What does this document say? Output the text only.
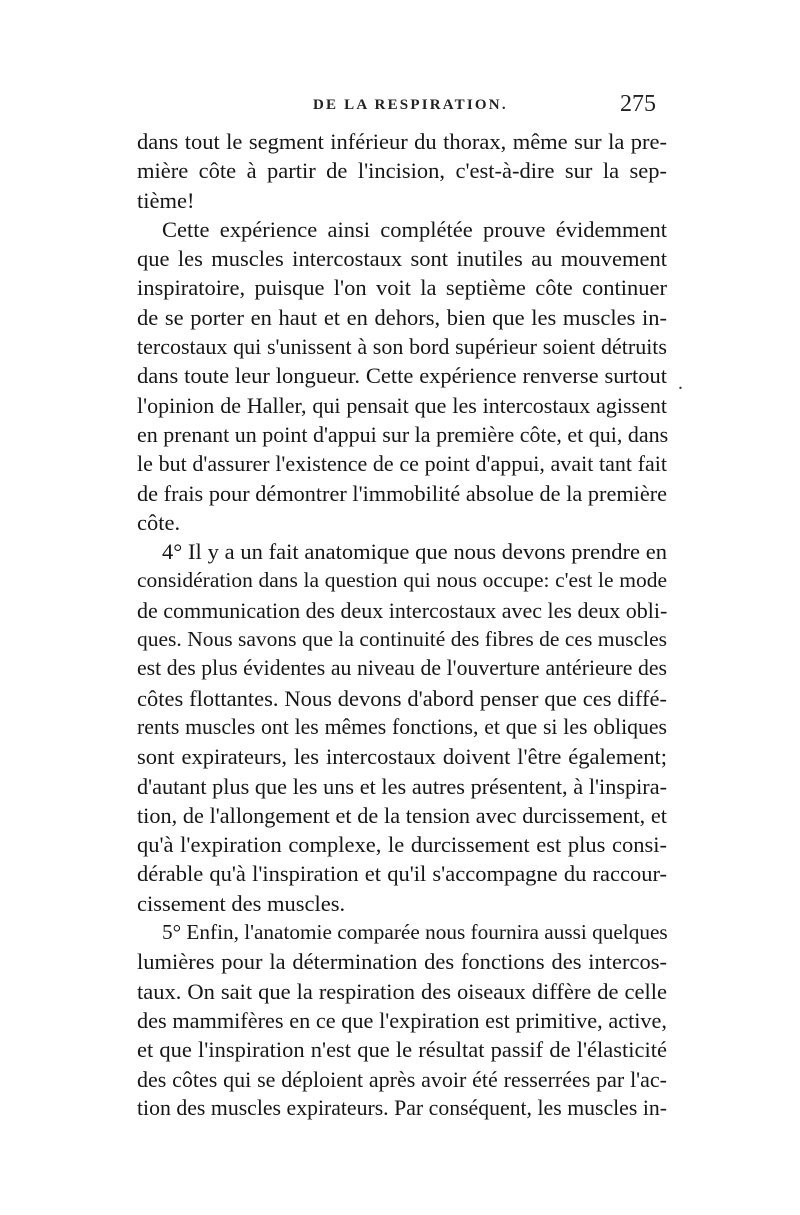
DE LA RESPIRATION.	275
.
dans tout le segment inférieur du thorax, même sur la pre-
mière côte à partir de l'incision, c'est-à-dire sur la sep-
tième!
Cette expérience ainsi complétée prouve évidemment
que les muscles intercostaux sont inutiles au mouvement
inspiratoire, puisque l'on voit la septième côte continuer
de se porter en haut et en dehors, bien que les muscles in-
tercostaux qui s'unissent à son bord supérieur soient détruits
dans toute leur longueur. Cette expérience renverse surtout
l'opinion de Haller, qui pensait que les intercostaux agissent
en prenant un point d'appui sur la première côte, et qui, dans
le but d'assurer l'existence de ce point d'appui, avait tant fait
de frais pour démontrer l'immobilité absolue de la première
côte.
4° Il y a un fait anatomique que nous devons prendre en
considération dans la question qui nous occupe: c'est le mode
de communication des deux intercostaux avec les deux obli-
ques. Nous savons que la continuité des fibres de ces muscles
est des plus évidentes au niveau de l'ouverture antérieure des
côtes flottantes. Nous devons d'abord penser que ces diffé-
rents muscles ont les mêmes fonctions, et que si les obliques
sont expirateurs, les intercostaux doivent l'être également;
d'autant plus que les uns et les autres présentent, à l'inspira-
tion, de l'allongement et de la tension avec durcissement, et
qu'à l'expiration complexe, le durcissement est plus consi-
dérable qu'à l'inspiration et qu'il s'accompagne du raccour-
cissement des muscles.
5° Enfin, l'anatomie comparée nous fournira aussi quelques
lumières pour la détermination des fonctions des intercos-
taux. On sait que la respiration des oiseaux diffère de celle
des mammifères en ce que l'expiration est primitive, active,
et que l'inspiration n'est que le résultat passif de l'élasticité
des côtes qui se déploient après avoir été resserrées par l'ac-
tion des muscles expirateurs. Par conséquent, les muscles in-
